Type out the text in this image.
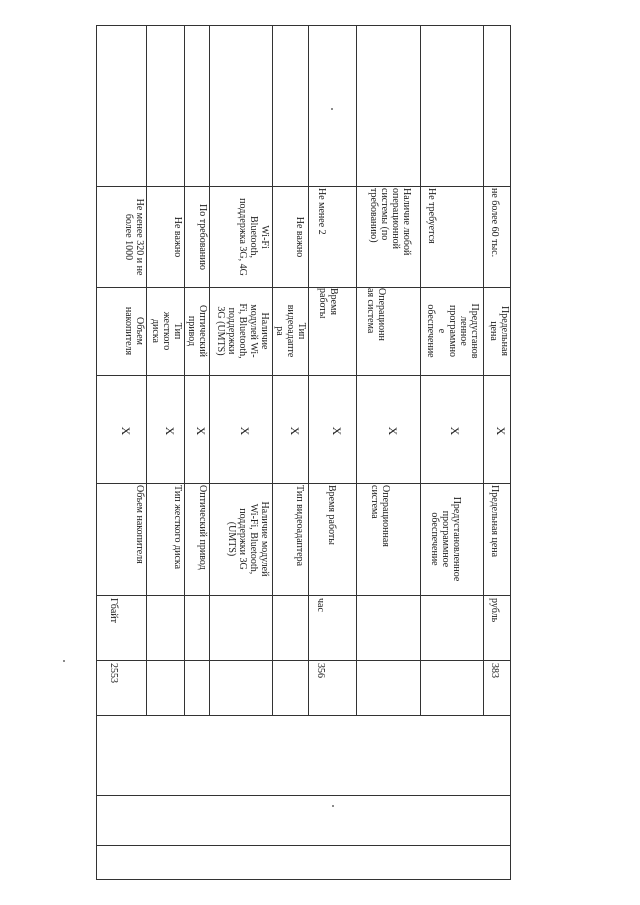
2553
Гбайт
Объем накопителя
X
Объем
накопителя
Не менее 320 и не
более 1000
Тип жесткого диска
X
Тип
жесткого
диска
Не важно
Оптический привод
X
Оптический
привод
По требованию
Наличие модулей
Wi-Fi, Bluetooth,
поддержки 3G
(UMTS)
X
Наличие
модулей Wi-
Fi, Bluetooth,
поддержки
3G (UMTS)
Wi-Fi
Bluetooth,
поддержка 3G, 4G
Тип видеоадаптера
X
Тип
видеоадапте
ра
Не важно
356
час
Время работы
X
Время
работы
Не менее 2
Операционная
система
X
Операционн
ая система
Наличие любой
операционной
системы (по
требованию)
Предустановленное
программное
обеспечение
X
Предустанов
ленное
программно
е
обеспечение
Не требуется
383
рубль
Предельная цена
X
Предельная
цена
не более 60 тыс.
